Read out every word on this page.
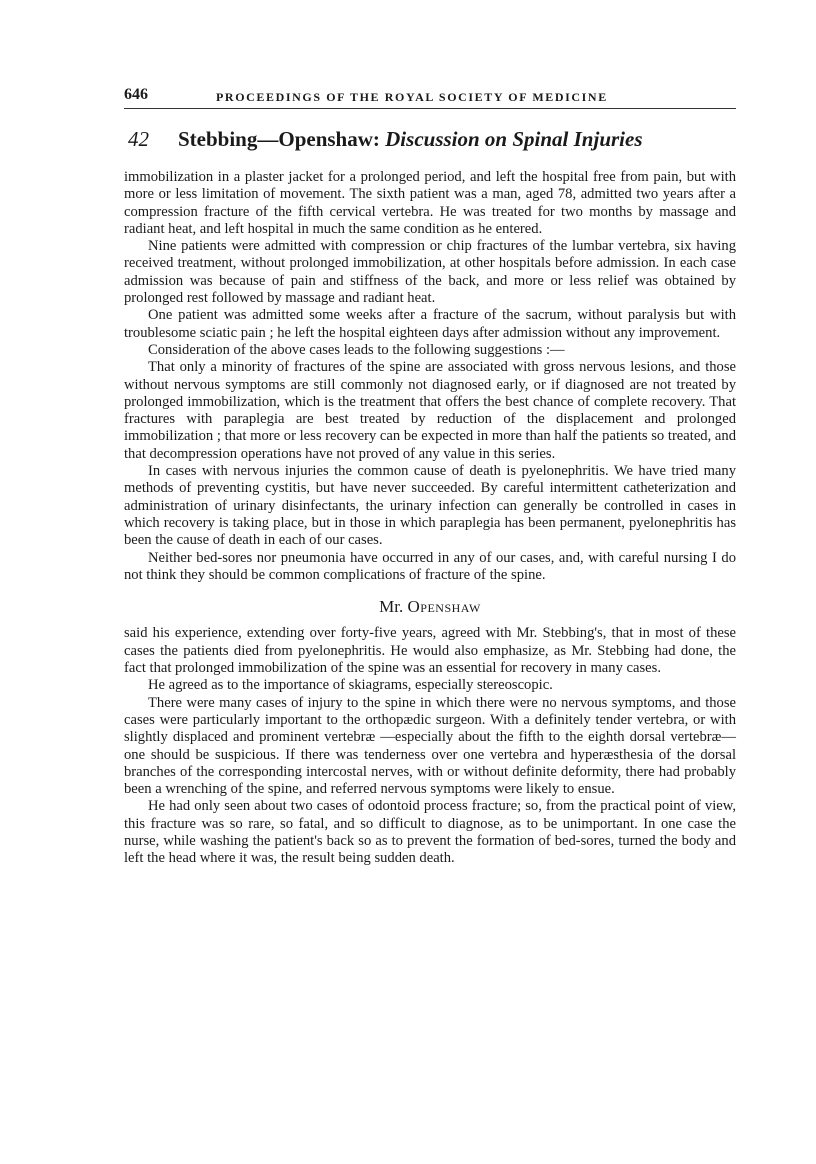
646	PROCEEDINGS OF THE ROYAL SOCIETY OF MEDICINE
42 Stebbing—Openshaw: Discussion on Spinal Injuries

immobilization in a plaster jacket for a prolonged period, and left the hospital free from pain, but with more or less limitation of movement. The sixth patient was a man, aged 78, admitted two years after a compression fracture of the fifth cervical vertebra. He was treated for two months by massage and radiant heat, and left hospital in much the same condition as he entered.

Nine patients were admitted with compression or chip fractures of the lumbar vertebra, six having received treatment, without prolonged immobilization, at other hospitals before admission. In each case admission was because of pain and stiffness of the back, and more or less relief was obtained by prolonged rest followed by massage and radiant heat.

One patient was admitted some weeks after a fracture of the sacrum, without paralysis but with troublesome sciatic pain ; he left the hospital eighteen days after admission without any improvement.

Consideration of the above cases leads to the following suggestions :—

That only a minority of fractures of the spine are associated with gross nervous lesions, and those without nervous symptoms are still commonly not diagnosed early, or if diagnosed are not treated by prolonged immobilization, which is the treatment that offers the best chance of complete recovery. That fractures with paraplegia are best treated by reduction of the displacement and prolonged immobilization ; that more or less recovery can be expected in more than half the patients so treated, and that decompression operations have not proved of any value in this series.

In cases with nervous injuries the common cause of death is pyelonephritis. We have tried many methods of preventing cystitis, but have never succeeded. By careful intermittent catheterization and administration of urinary disinfectants, the urinary infection can generally be controlled in cases in which recovery is taking place, but in those in which paraplegia has been permanent, pyelonephritis has been the cause of death in each of our cases.

Neither bed-sores nor pneumonia have occurred in any of our cases, and, with careful nursing I do not think they should be common complications of fracture of the spine.

Mr. Openshaw

said his experience, extending over forty-five years, agreed with Mr. Stebbing's, that in most of these cases the patients died from pyelonephritis. He would also emphasize, as Mr. Stebbing had done, the fact that prolonged immobilization of the spine was an essential for recovery in many cases.

He agreed as to the importance of skiagrams, especially stereoscopic.

There were many cases of injury to the spine in which there were no nervous symptoms, and those cases were particularly important to the orthopædic surgeon. With a definitely tender vertebra, or with slightly displaced and prominent vertebræ —especially about the fifth to the eighth dorsal vertebræ—one should be suspicious. If there was tenderness over one vertebra and hyperæsthesia of the dorsal branches of the corresponding intercostal nerves, with or without definite deformity, there had probably been a wrenching of the spine, and referred nervous symptoms were likely to ensue.

He had only seen about two cases of odontoid process fracture; so, from the practical point of view, this fracture was so rare, so fatal, and so difficult to diagnose, as to be unimportant. In one case the nurse, while washing the patient's back so as to prevent the formation of bed-sores, turned the body and left the head where it was, the result being sudden death.
